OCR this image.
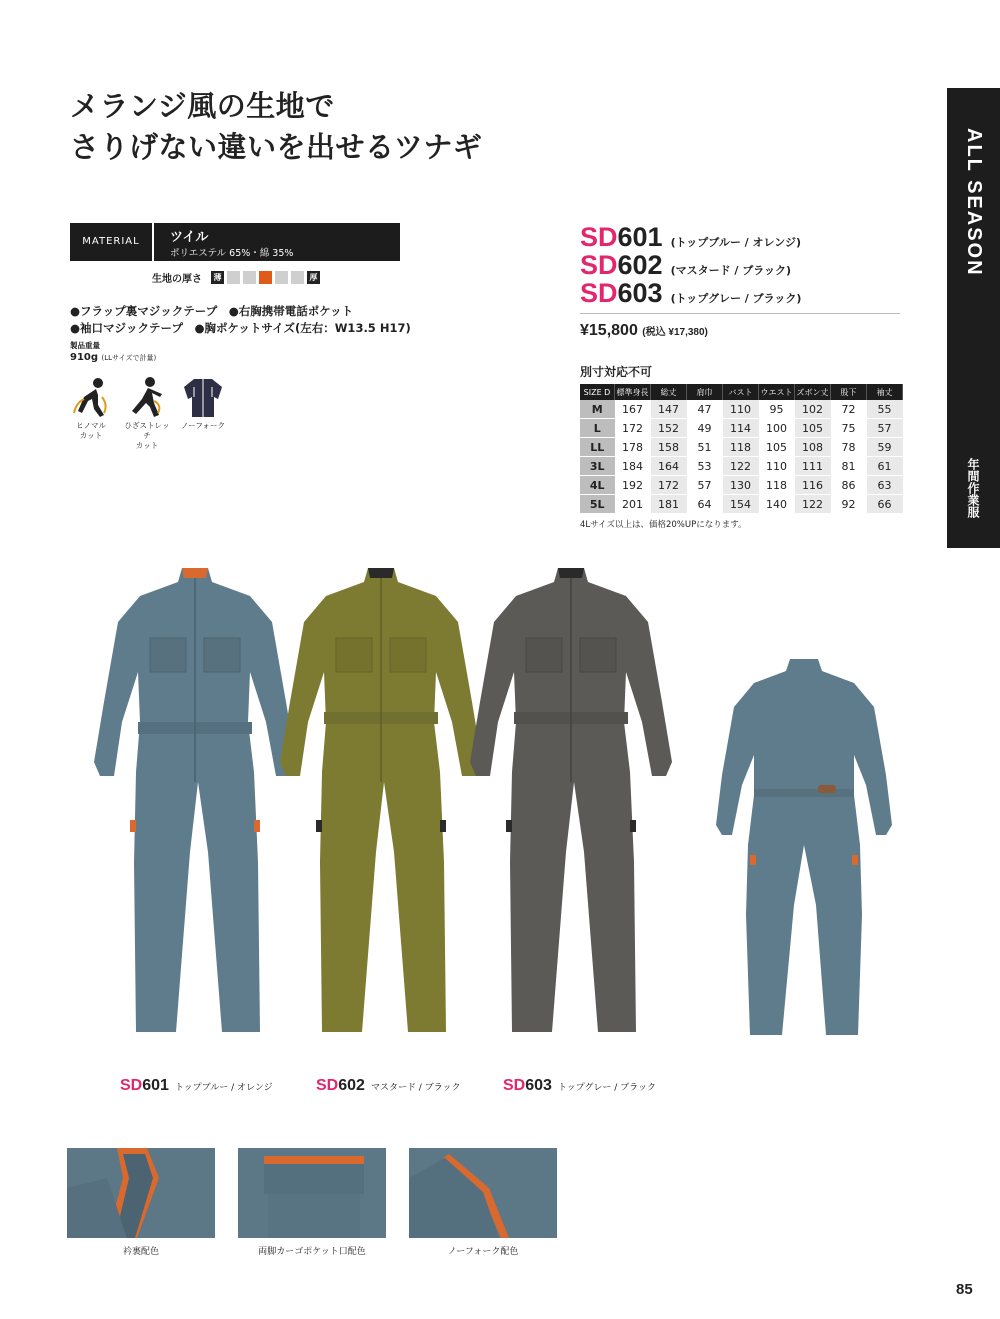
メランジ風の生地で
さりげない違いを出せるツナギ	ALL SEASON
年間作業服
MATERIAL	ツイル
ポリエステル 65%・綿 35%
生地の厚さ	薄	厚
●フラップ裏マジックテープ　●右胸携帯電話ポケット
●袖口マジックテープ　●胸ポケットサイズ(左右：W13.5 H17)
製品重量
910g (LLサイズで計量)
ヒノマル
カット
ひざストレッチ
カット
ノーフォーク
SD 601 (トップブルー / オレンジ)
SD 602 (マスタード / ブラック)
SD 603 (トップグレー / ブラック)
¥15,800 (税込 ¥17,380)
別寸対応不可
SIZE D	標準身長	総丈	肩巾	バスト	ウエスト	ズボン丈	股下	袖丈
M	167	147	47	110	95	102	72	55
L	172	152	49	114	100	105	75	57
LL	178	158	51	118	105	108	78	59
3L	184	164	53	122	110	111	81	61
4L	192	172	57	130	118	116	86	63
5L	201	181	64	154	140	122	92	66
4Lサイズ以上は、価格20%UPになります。
SD 601 トップブルー / オレンジ	SD 602 マスタード / ブラック	SD 603 トップグレー / ブラック
衿裏配色	両脚カーゴポケット口配色	ノーフォーク配色
85
